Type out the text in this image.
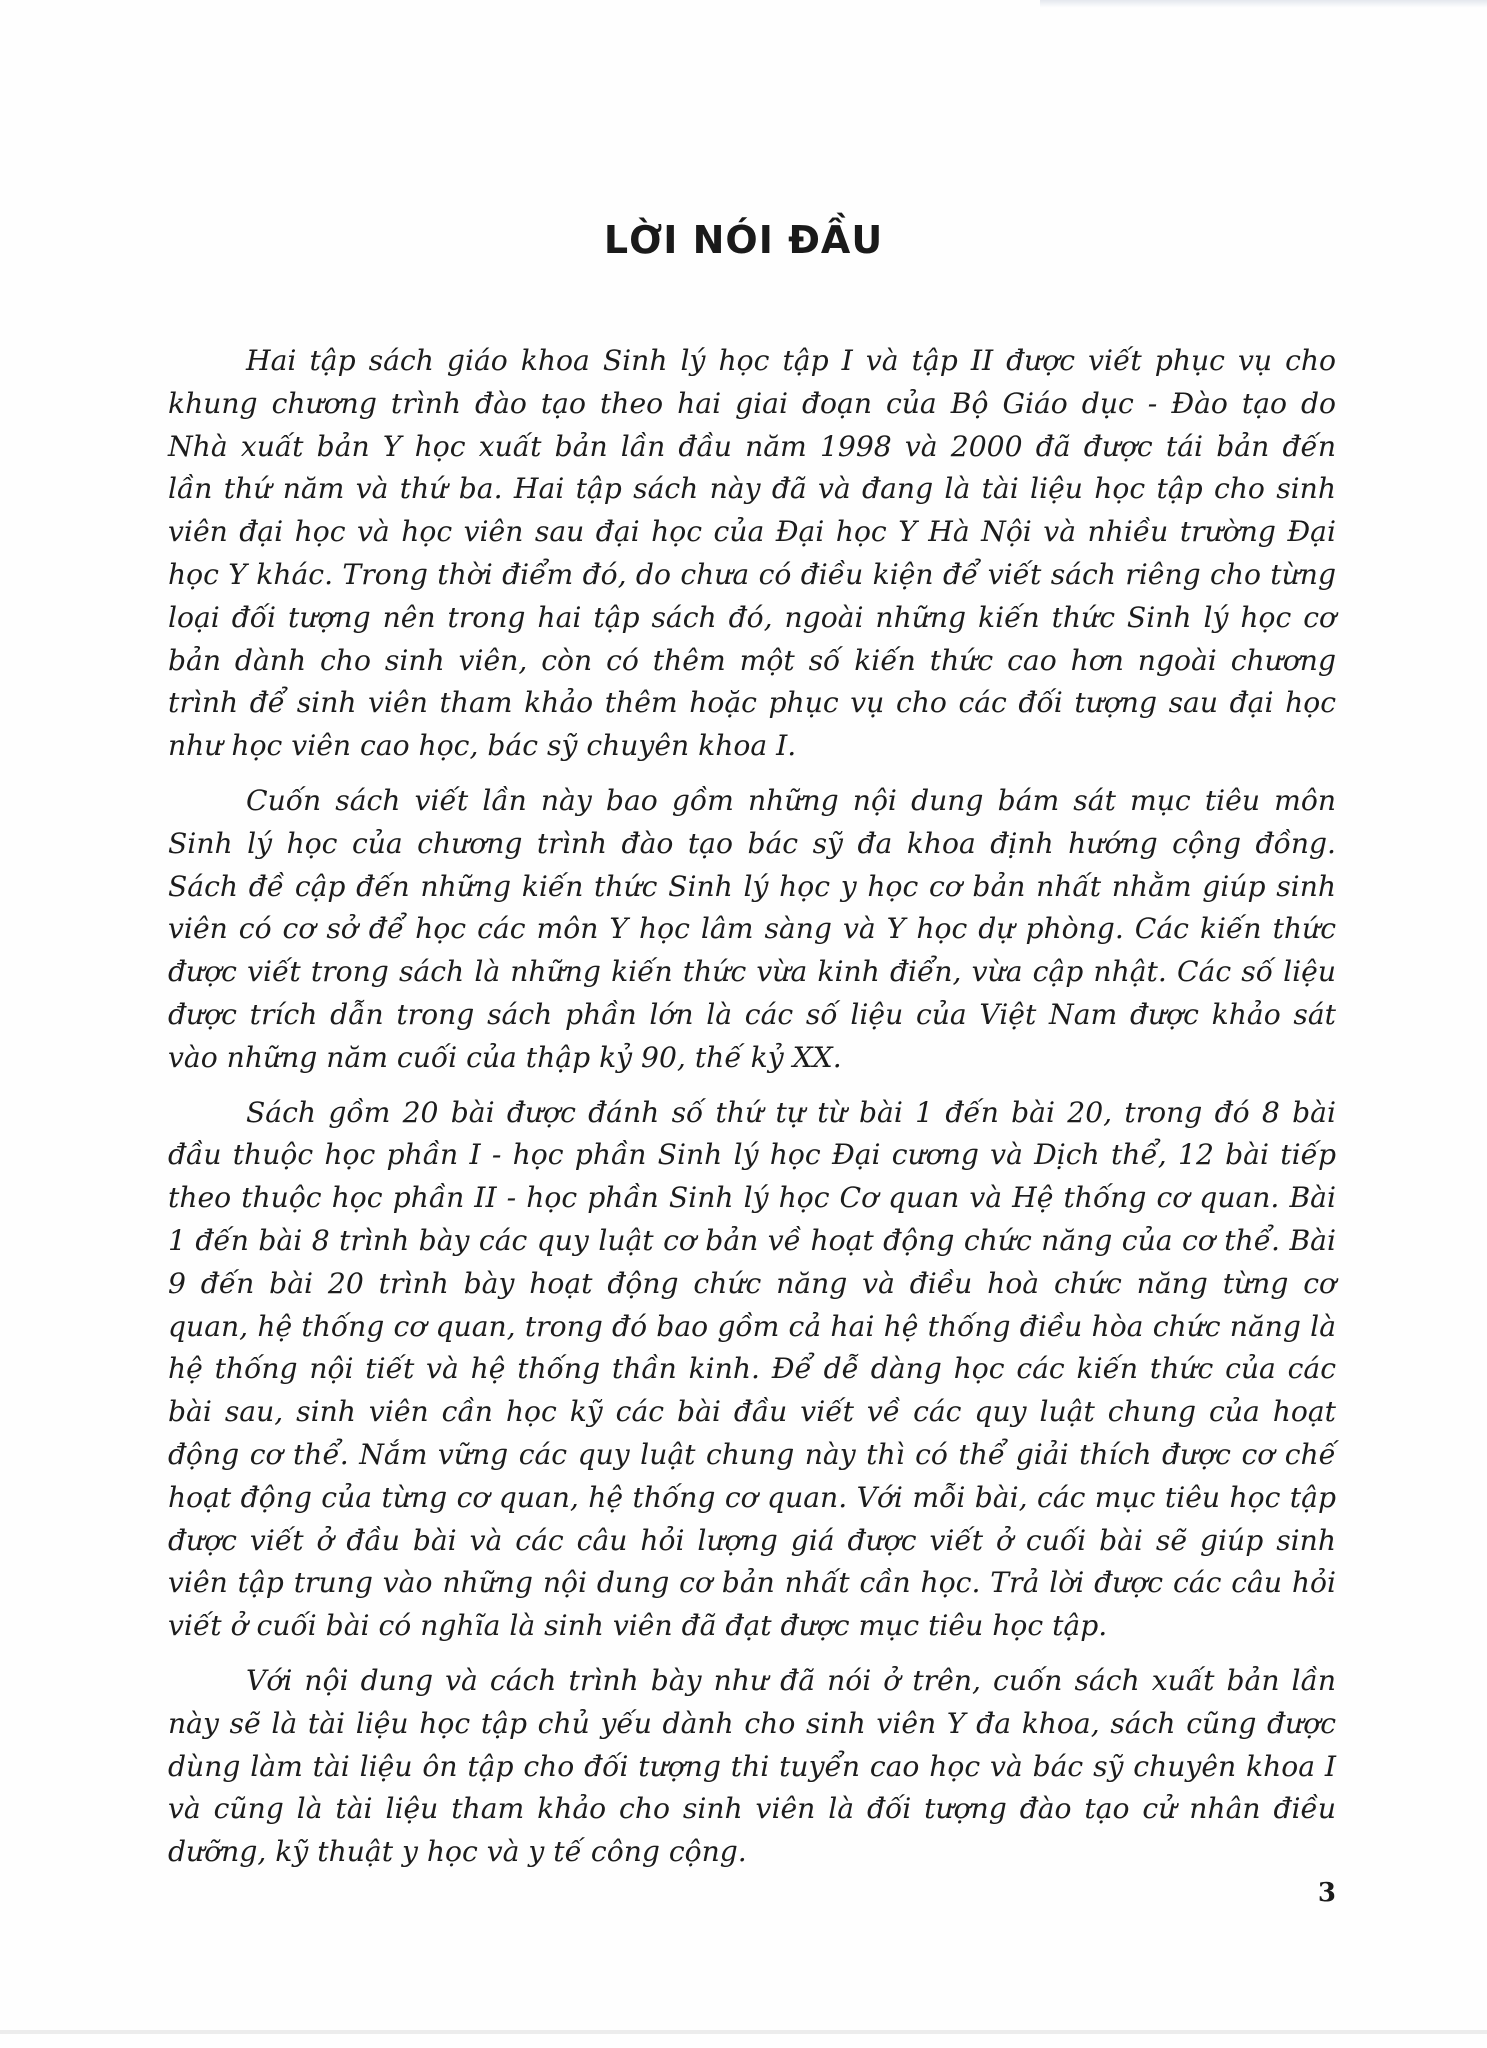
LỜI NÓI ĐẦU

Hai tập sách giáo khoa Sinh lý học tập I và tập II được viết phục vụ cho
khung chương trình đào tạo theo hai giai đoạn của Bộ Giáo dục - Đào tạo do
Nhà xuất bản Y học xuất bản lần đầu năm 1998 và 2000 đã được tái bản đến
lần thứ năm và thứ ba. Hai tập sách này đã và đang là tài liệu học tập cho sinh
viên đại học và học viên sau đại học của Đại học Y Hà Nội và nhiều trường Đại
học Y khác. Trong thời điểm đó, do chưa có điều kiện để viết sách riêng cho từng
loại đối tượng nên trong hai tập sách đó, ngoài những kiến thức Sinh lý học cơ
bản dành cho sinh viên, còn có thêm một số kiến thức cao hơn ngoài chương
trình để sinh viên tham khảo thêm hoặc phục vụ cho các đối tượng sau đại học
như học viên cao học, bác sỹ chuyên khoa I.

Cuốn sách viết lần này bao gồm những nội dung bám sát mục tiêu môn
Sinh lý học của chương trình đào tạo bác sỹ đa khoa định hướng cộng đồng.
Sách đề cập đến những kiến thức Sinh lý học y học cơ bản nhất nhằm giúp sinh
viên có cơ sở để học các môn Y học lâm sàng và Y học dự phòng. Các kiến thức
được viết trong sách là những kiến thức vừa kinh điển, vừa cập nhật. Các số liệu
được trích dẫn trong sách phần lớn là các số liệu của Việt Nam được khảo sát
vào những năm cuối của thập kỷ 90, thế kỷ XX.

Sách gồm 20 bài được đánh số thứ tự từ bài 1 đến bài 20, trong đó 8 bài
đầu thuộc học phần I - học phần Sinh lý học Đại cương và Dịch thể, 12 bài tiếp
theo thuộc học phần II - học phần Sinh lý học Cơ quan và Hệ thống cơ quan. Bài
1 đến bài 8 trình bày các quy luật cơ bản về hoạt động chức năng của cơ thể. Bài
9 đến bài 20 trình bày hoạt động chức năng và điều hoà chức năng từng cơ
quan, hệ thống cơ quan, trong đó bao gồm cả hai hệ thống điều hòa chức năng là
hệ thống nội tiết và hệ thống thần kinh. Để dễ dàng học các kiến thức của các
bài sau, sinh viên cần học kỹ các bài đầu viết về các quy luật chung của hoạt
động cơ thể. Nắm vững các quy luật chung này thì có thể giải thích được cơ chế
hoạt động của từng cơ quan, hệ thống cơ quan. Với mỗi bài, các mục tiêu học tập
được viết ở đầu bài và các câu hỏi lượng giá được viết ở cuối bài sẽ giúp sinh
viên tập trung vào những nội dung cơ bản nhất cần học. Trả lời được các câu hỏi
viết ở cuối bài có nghĩa là sinh viên đã đạt được mục tiêu học tập.

Với nội dung và cách trình bày như đã nói ở trên, cuốn sách xuất bản lần
này sẽ là tài liệu học tập chủ yếu dành cho sinh viên Y đa khoa, sách cũng được
dùng làm tài liệu ôn tập cho đối tượng thi tuyển cao học và bác sỹ chuyên khoa I
và cũng là tài liệu tham khảo cho sinh viên là đối tượng đào tạo cử nhân điều
dưỡng, kỹ thuật y học và y tế công cộng.

3
